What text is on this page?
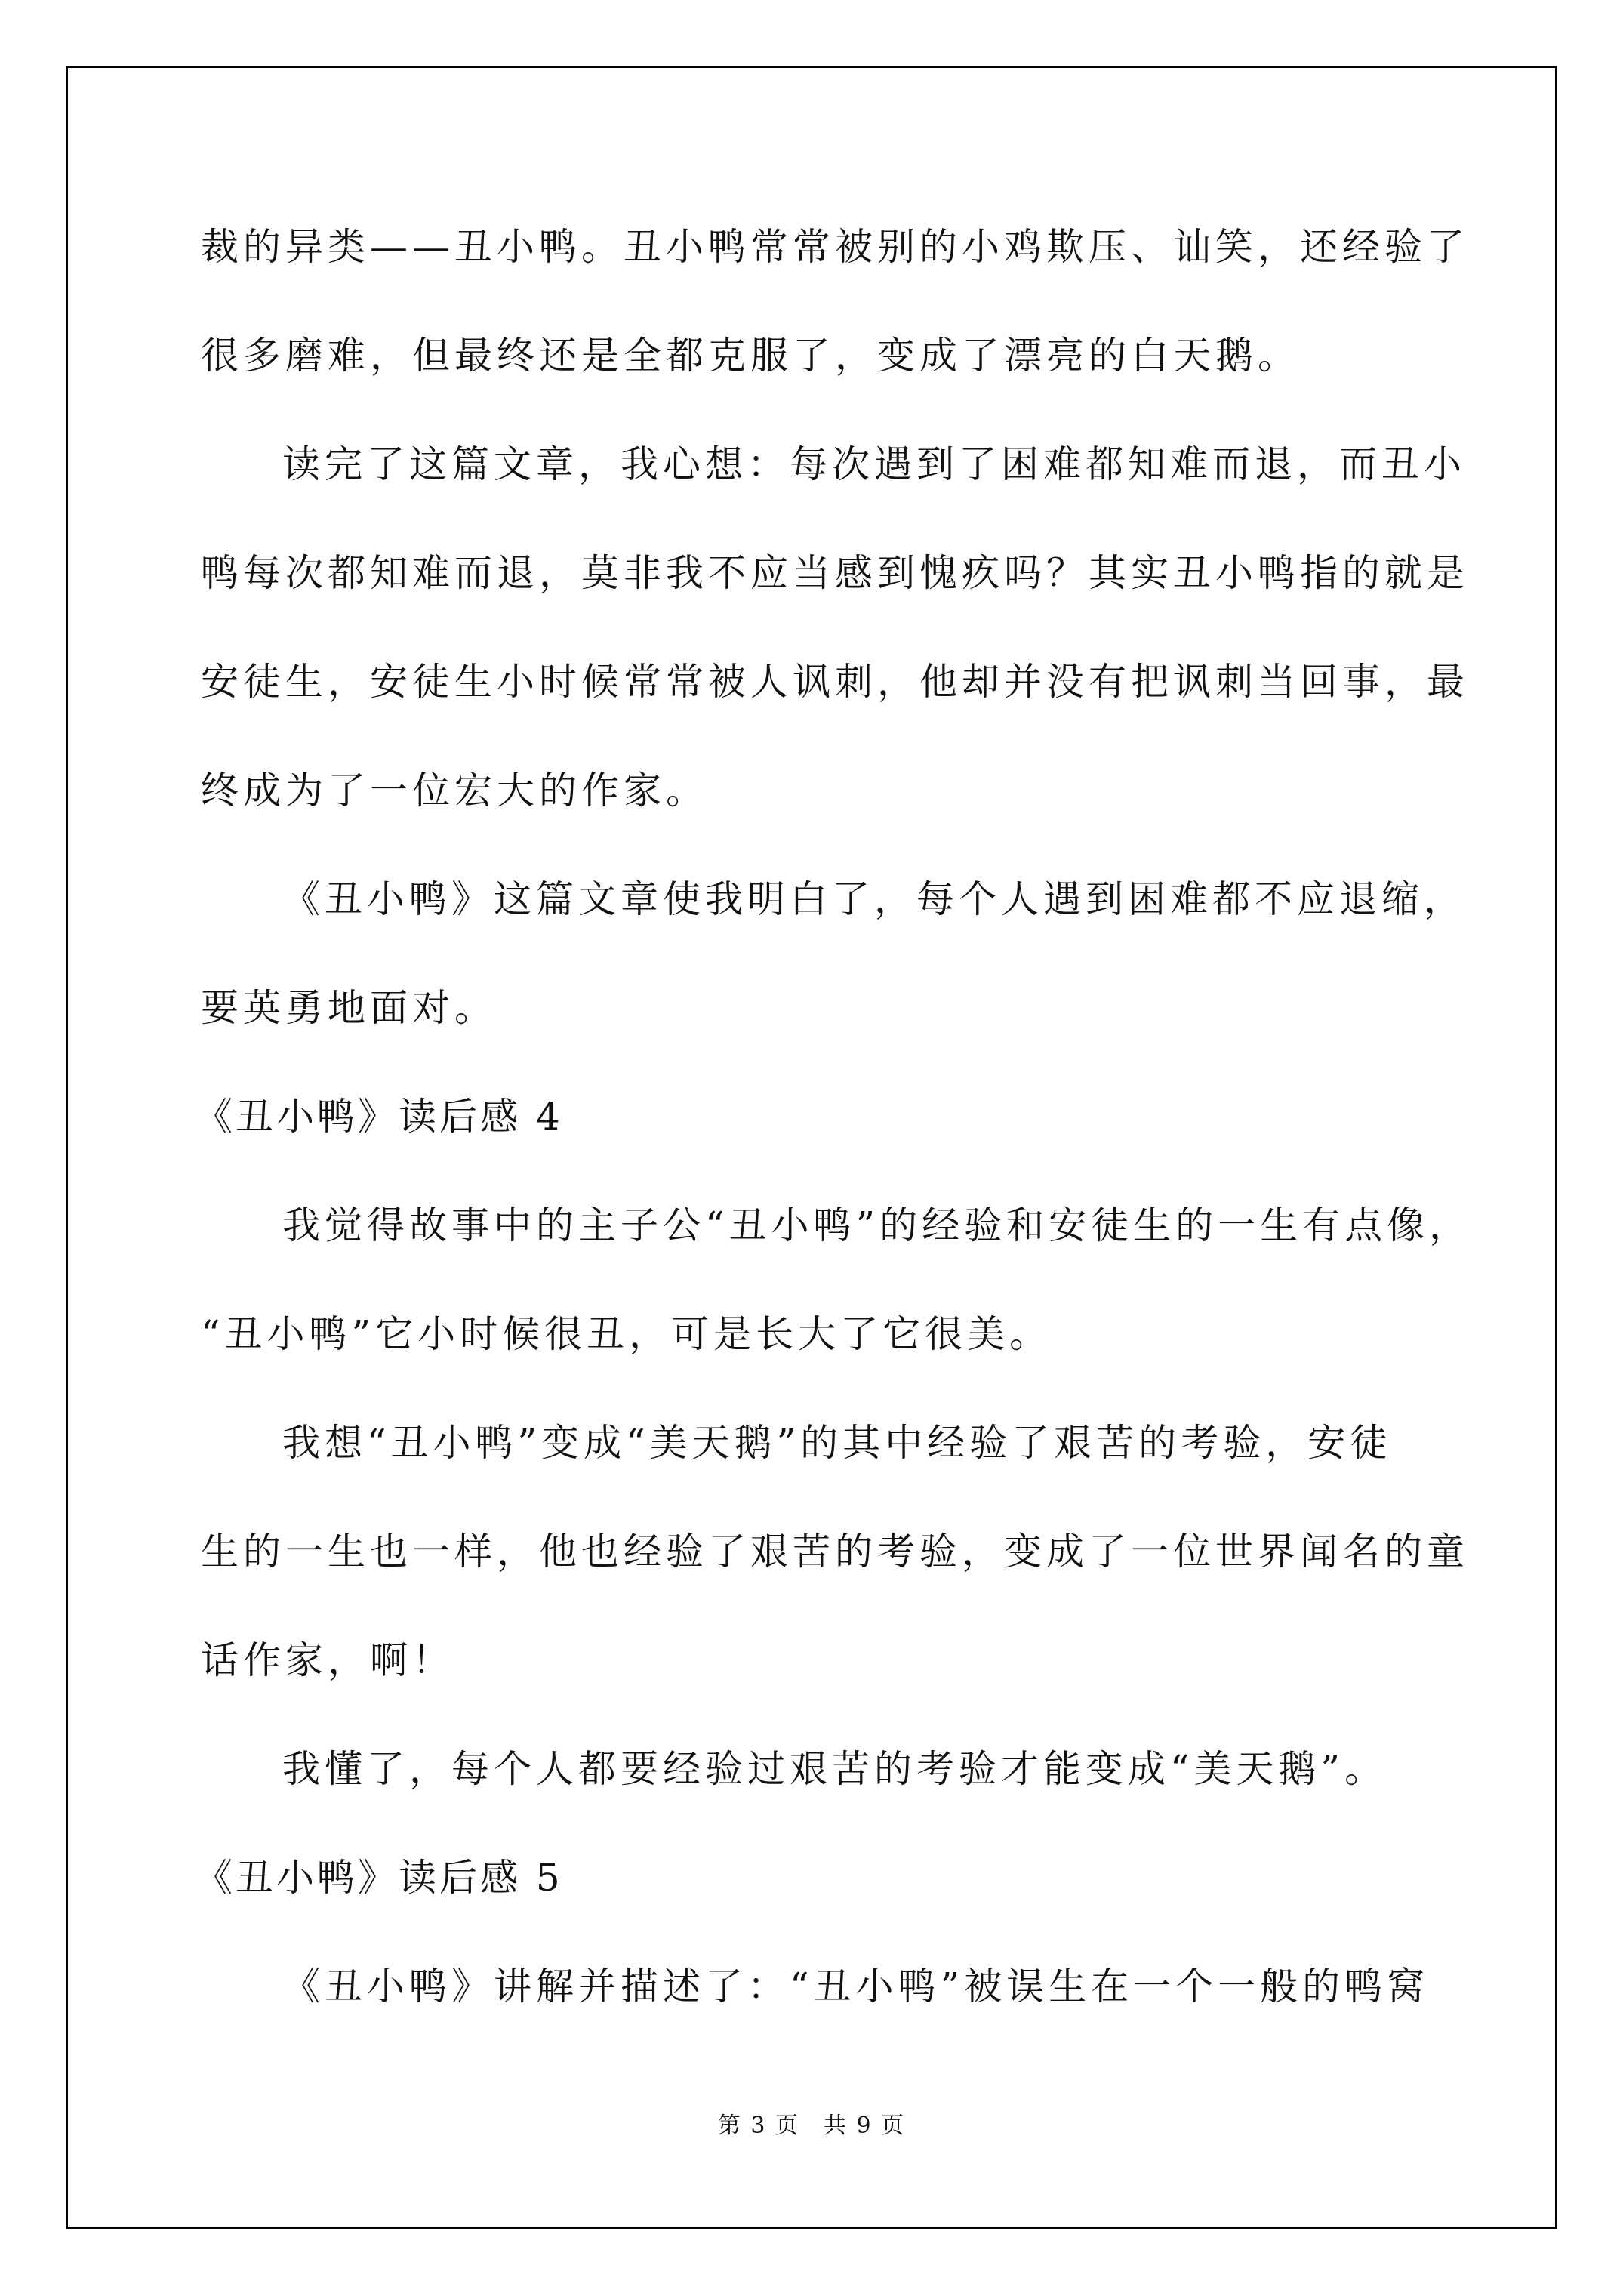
裁的异类——丑小鸭。丑小鸭常常被别的小鸡欺压、讪笑，还经验了
很多磨难，但最终还是全都克服了，变成了漂亮的白天鹅。
读完了这篇文章，我心想：每次遇到了困难都知难而退，而丑小
鸭每次都知难而退，莫非我不应当感到愧疚吗？其实丑小鸭指的就是
安徒生，安徒生小时候常常被人讽刺，他却并没有把讽刺当回事，最
终成为了一位宏大的作家。
《丑小鸭》这篇文章使我明白了，每个人遇到困难都不应退缩，
要英勇地面对。
《丑小鸭》读后感 4
我觉得故事中的主子公“丑小鸭”的经验和安徒生的一生有点像，
“丑小鸭”它小时候很丑，可是长大了它很美。
我想“丑小鸭”变成“美天鹅”的其中经验了艰苦的考验，安徒
生的一生也一样，他也经验了艰苦的考验，变成了一位世界闻名的童
话作家，啊！
我懂了，每个人都要经验过艰苦的考验才能变成“美天鹅”。
《丑小鸭》读后感 5
《丑小鸭》讲解并描述了：“丑小鸭”被误生在一个一般的鸭窝
第 3 页　共 9 页
